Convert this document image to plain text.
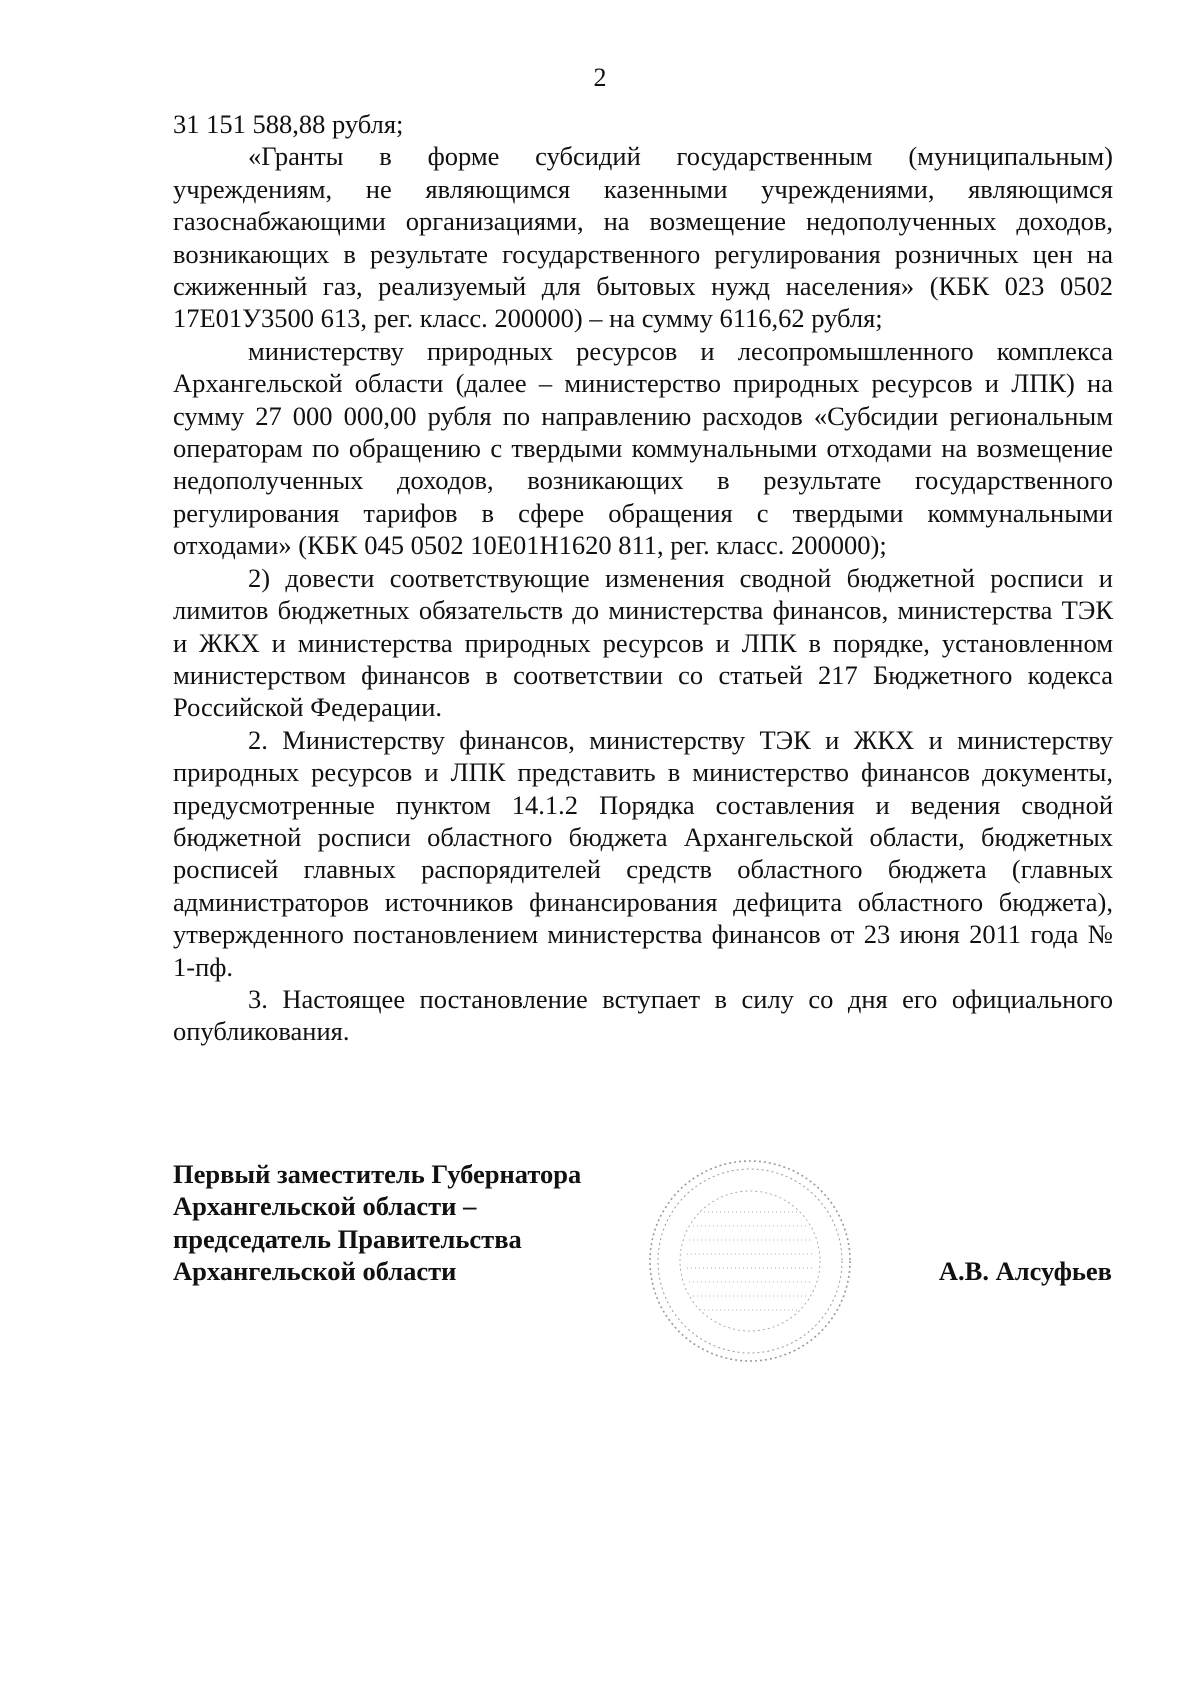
2

31 151 588,88 рубля;

«Гранты в форме субсидий государственным (муниципальным) учреждениям, не являющимся казенными учреждениями, являющимся газоснабжающими организациями, на возмещение недополученных доходов, возникающих в результате государственного регулирования розничных цен на сжиженный газ, реализуемый для бытовых нужд населения» (КБК 023 0502 17Е01У3500 613, рег. класс. 200000) – на сумму 6116,62 рубля;

министерству природных ресурсов и лесопромышленного комплекса Архангельской области (далее – министерство природных ресурсов и ЛПК) на сумму 27 000 000,00 рубля по направлению расходов «Субсидии региональным операторам по обращению с твердыми коммунальными отходами на возмещение недополученных доходов, возникающих в результате государственного регулирования тарифов в сфере обращения с твердыми коммунальными отходами» (КБК 045 0502 10Е01Н1620 811, рег. класс. 200000);

2) довести соответствующие изменения сводной бюджетной росписи и лимитов бюджетных обязательств до министерства финансов, министерства ТЭК и ЖКХ и министерства природных ресурсов и ЛПК в порядке, установленном министерством финансов в соответствии со статьей 217 Бюджетного кодекса Российской Федерации.

2. Министерству финансов, министерству ТЭК и ЖКХ и министерству природных ресурсов и ЛПК представить в министерство финансов документы, предусмотренные пунктом 14.1.2 Порядка составления и ведения сводной бюджетной росписи областного бюджета Архангельской области, бюджетных росписей главных распорядителей средств областного бюджета (главных администраторов источников финансирования дефицита областного бюджета), утвержденного постановлением министерства финансов от 23 июня 2011 года № 1-пф.

3. Настоящее постановление вступает в силу со дня его официального опубликования.

Первый заместитель Губернатора
Архангельской области –
председатель Правительства
Архангельской области	А.В. Алсуфьев
